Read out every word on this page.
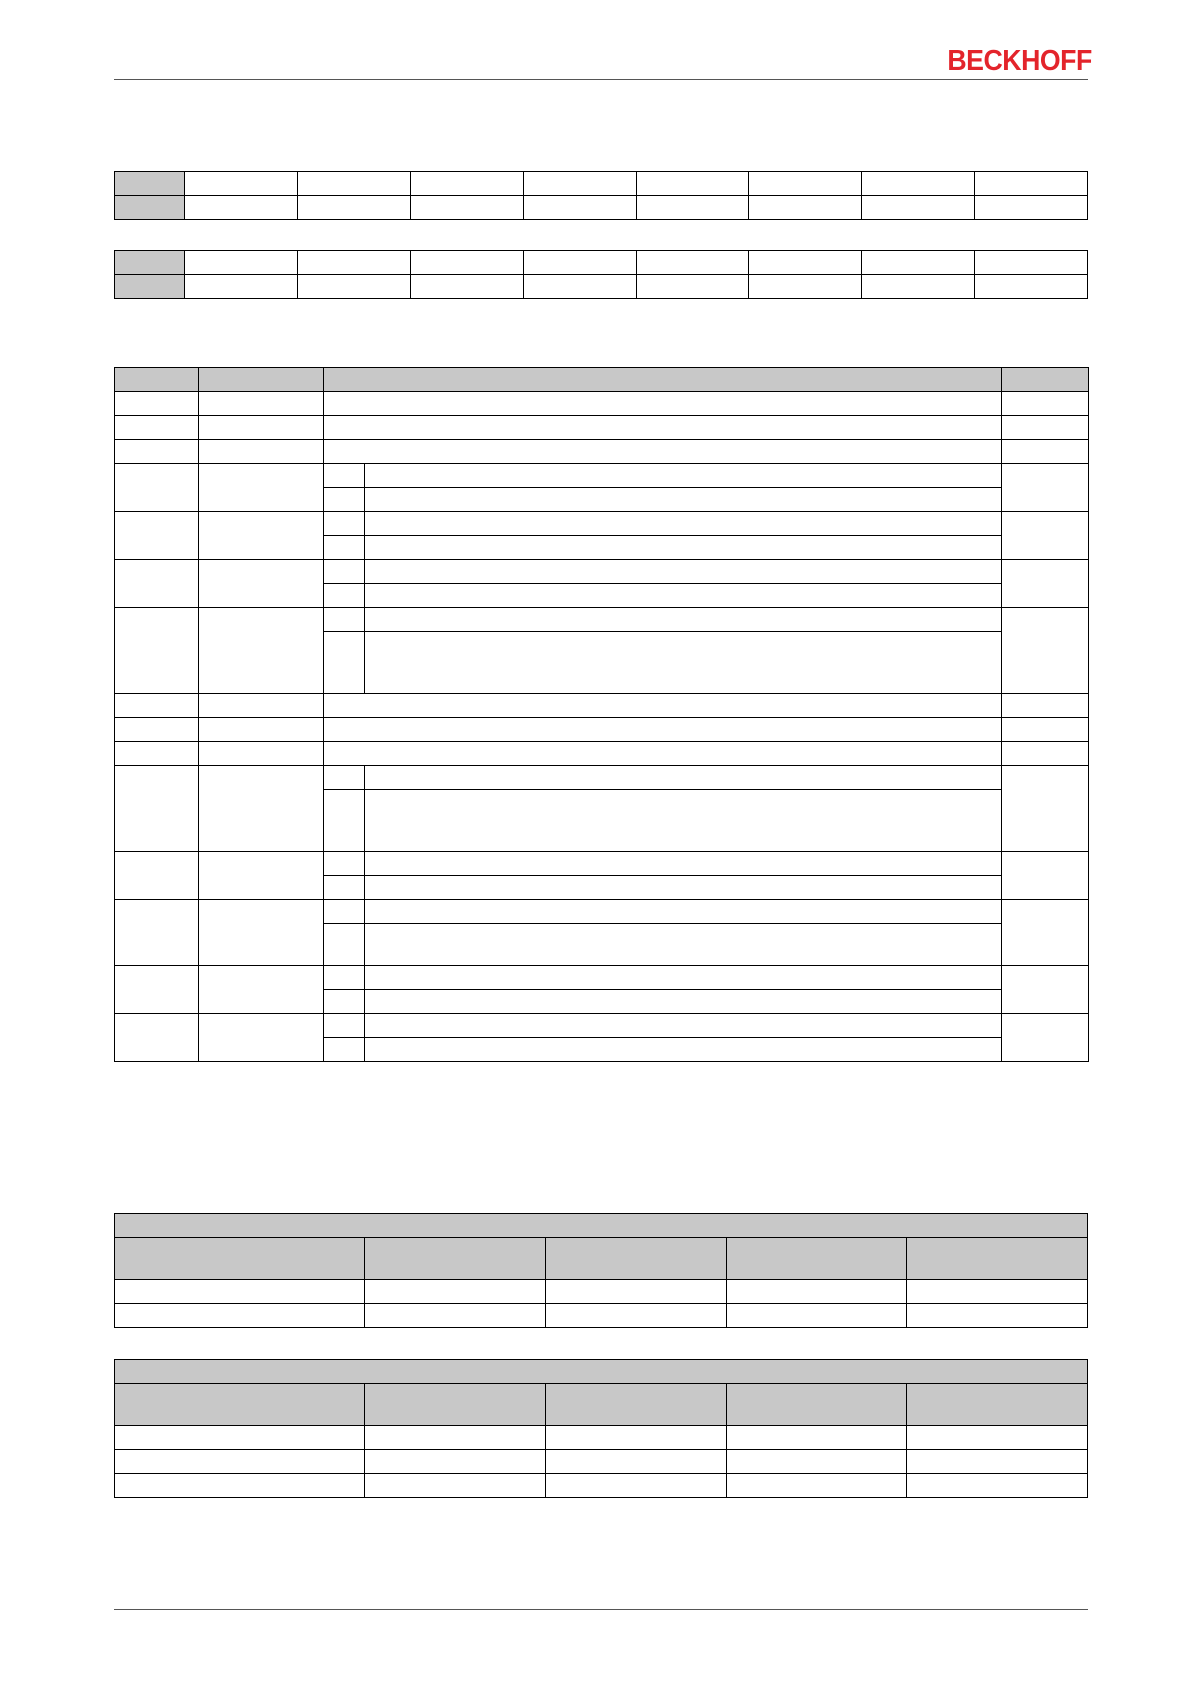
BECKHOFF
